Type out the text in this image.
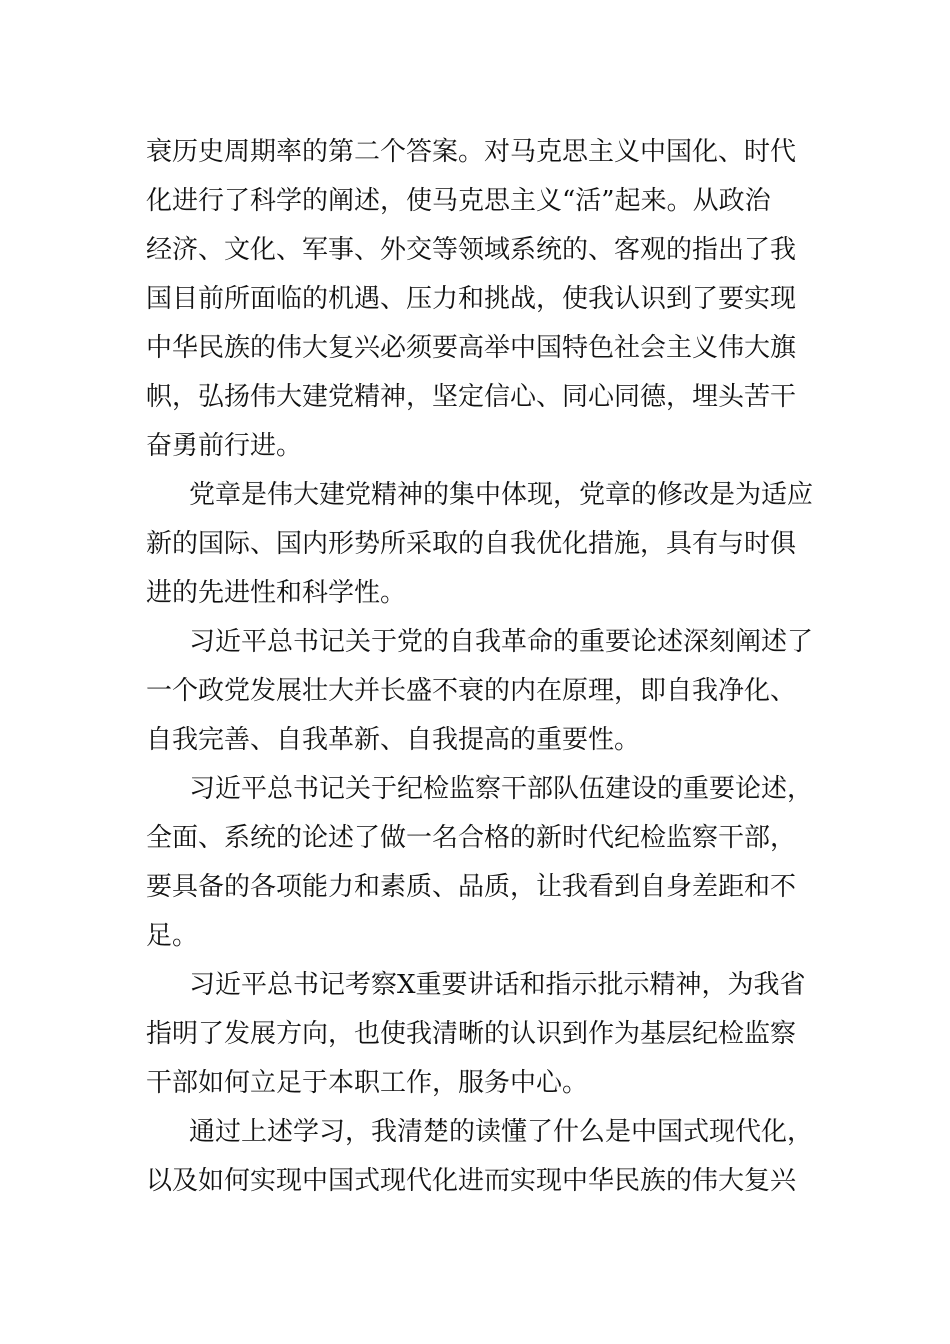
衰历史周期率的第二个答案。对马克思主义中国化、时代

化进行了科学的阐述，使马克思主义“活”起来。从政治

经济、文化、军事、外交等领域系统的、客观的指出了我

国目前所面临的机遇、压力和挑战，使我认识到了要实现

中华民族的伟大复兴必须要高举中国特色社会主义伟大旗

帜，弘扬伟大建党精神，坚定信心、同心同德，埋头苦干

奋勇前行进。

党章是伟大建党精神的集中体现，党章的修改是为适应

新的国际、国内形势所采取的自我优化措施，具有与时俱

进的先进性和科学性。

习近平总书记关于党的自我革命的重要论述深刻阐述了

一个政党发展壮大并长盛不衰的内在原理，即自我净化、

自我完善、自我革新、自我提高的重要性。

习近平总书记关于纪检监察干部队伍建设的重要论述，

全面、系统的论述了做一名合格的新时代纪检监察干部，

要具备的各项能力和素质、品质，让我看到自身差距和不

足。

习近平总书记考察X重要讲话和指示批示精神，为我省

指明了发展方向，也使我清晰的认识到作为基层纪检监察

干部如何立足于本职工作，服务中心。

通过上述学习，我清楚的读懂了什么是中国式现代化，

以及如何实现中国式现代化进而实现中华民族的伟大复兴
